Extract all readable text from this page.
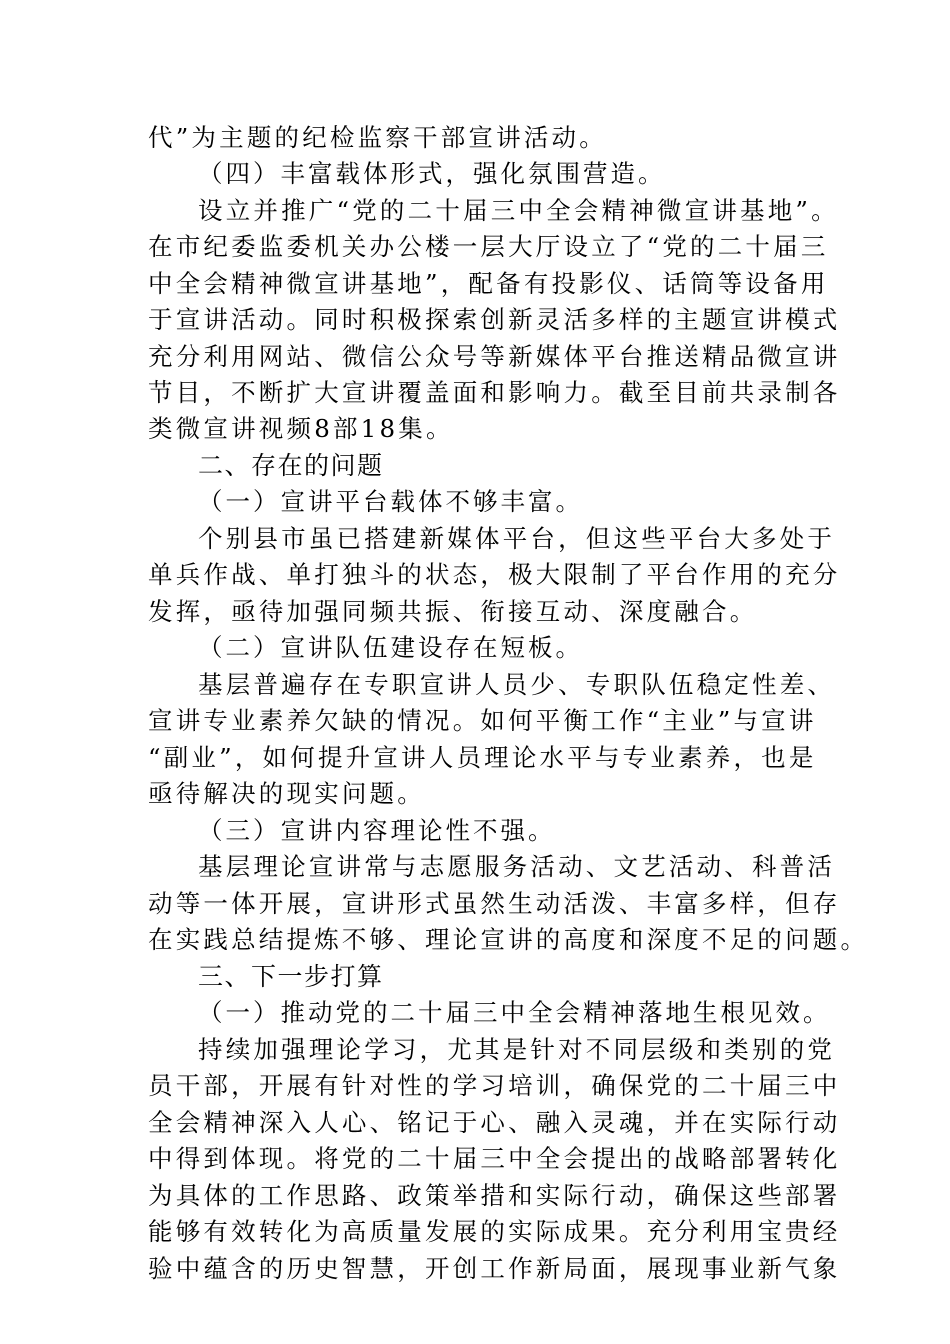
代”为主题的纪检监察干部宣讲活动。
（四）丰富载体形式，强化氛围营造。
设立并推广“党的二十届三中全会精神微宣讲基地”。
在市纪委监委机关办公楼一层大厅设立了“党的二十届三
中全会精神微宣讲基地”，配备有投影仪、话筒等设备用
于宣讲活动。同时积极探索创新灵活多样的主题宣讲模式
充分利用网站、微信公众号等新媒体平台推送精品微宣讲
节目，不断扩大宣讲覆盖面和影响力。截至目前共录制各
类微宣讲视频8部18集。
二、存在的问题
（一）宣讲平台载体不够丰富。
个别县市虽已搭建新媒体平台，但这些平台大多处于
单兵作战、单打独斗的状态，极大限制了平台作用的充分
发挥，亟待加强同频共振、衔接互动、深度融合。
（二）宣讲队伍建设存在短板。
基层普遍存在专职宣讲人员少、专职队伍稳定性差、
宣讲专业素养欠缺的情况。如何平衡工作“主业”与宣讲
“副业”，如何提升宣讲人员理论水平与专业素养，也是
亟待解决的现实问题。
（三）宣讲内容理论性不强。
基层理论宣讲常与志愿服务活动、文艺活动、科普活
动等一体开展，宣讲形式虽然生动活泼、丰富多样，但存
在实践总结提炼不够、理论宣讲的高度和深度不足的问题。
三、下一步打算
（一）推动党的二十届三中全会精神落地生根见效。
持续加强理论学习，尤其是针对不同层级和类别的党
员干部，开展有针对性的学习培训，确保党的二十届三中
全会精神深入人心、铭记于心、融入灵魂，并在实际行动
中得到体现。将党的二十届三中全会提出的战略部署转化
为具体的工作思路、政策举措和实际行动，确保这些部署
能够有效转化为高质量发展的实际成果。充分利用宝贵经
验中蕴含的历史智慧，开创工作新局面，展现事业新气象
